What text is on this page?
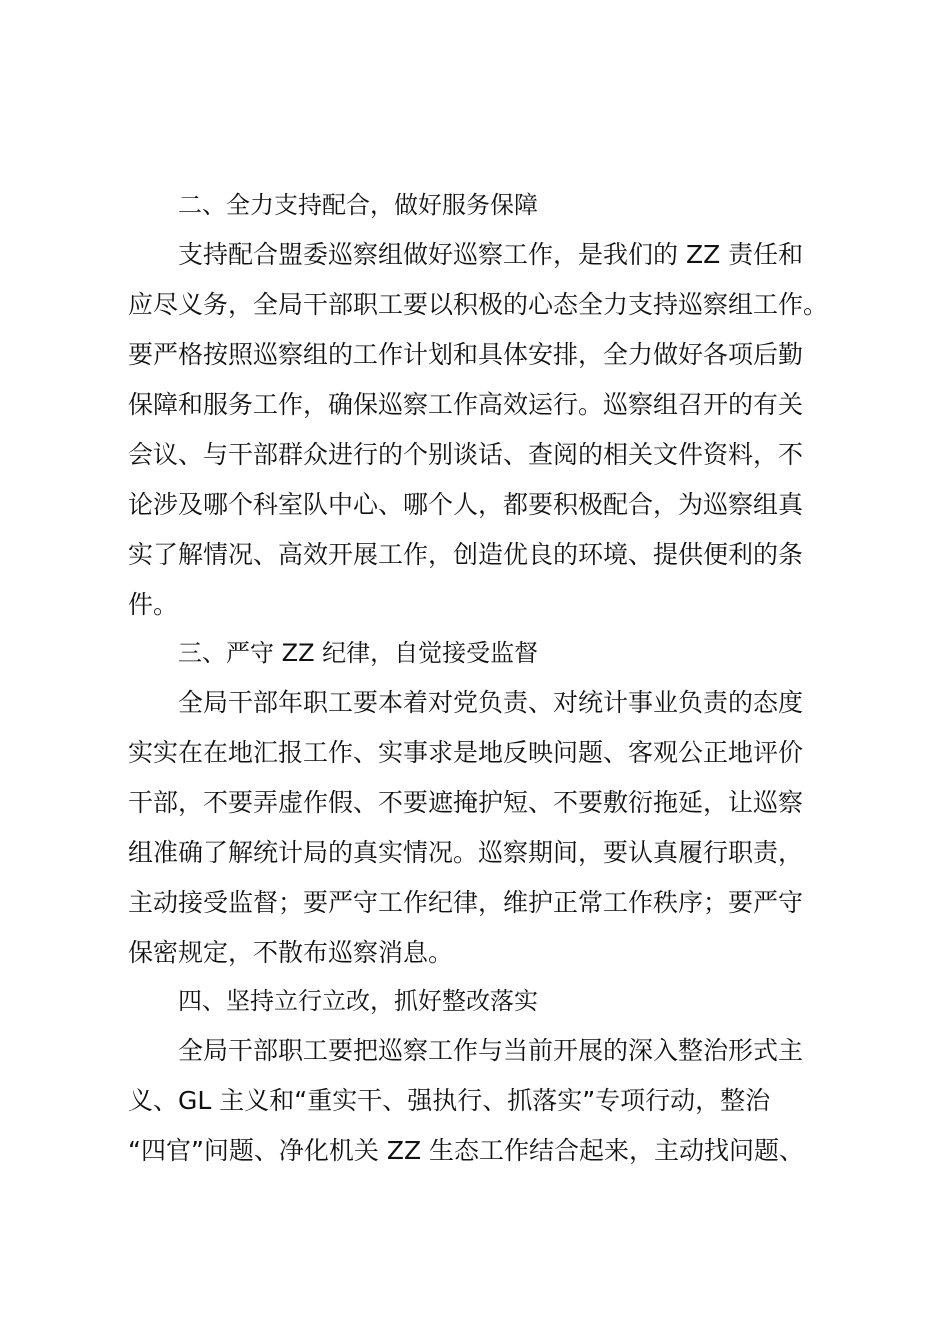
二、全力支持配合，做好服务保障
支持配合盟委巡察组做好巡察工作，是我们的 ZZ 责任和
应尽义务，全局干部职工要以积极的心态全力支持巡察组工作。
要严格按照巡察组的工作计划和具体安排，全力做好各项后勤
保障和服务工作，确保巡察工作高效运行。巡察组召开的有关
会议、与干部群众进行的个别谈话、查阅的相关文件资料，不
论涉及哪个科室队中心、哪个人，都要积极配合，为巡察组真
实了解情况、高效开展工作，创造优良的环境、提供便利的条
件。
三、严守 ZZ 纪律，自觉接受监督
全局干部年职工要本着对党负责、对统计事业负责的态度
实实在在地汇报工作、实事求是地反映问题、客观公正地评价
干部，不要弄虚作假、不要遮掩护短、不要敷衍拖延，让巡察
组准确了解统计局的真实情况。巡察期间，要认真履行职责，
主动接受监督；要严守工作纪律，维护正常工作秩序；要严守
保密规定，不散布巡察消息。
四、坚持立行立改，抓好整改落实
全局干部职工要把巡察工作与当前开展的深入整治形式主
义、GL 主义和“重实干、强执行、抓落实”专项行动，整治
“四官”问题、净化机关 ZZ 生态工作结合起来，主动找问题、
